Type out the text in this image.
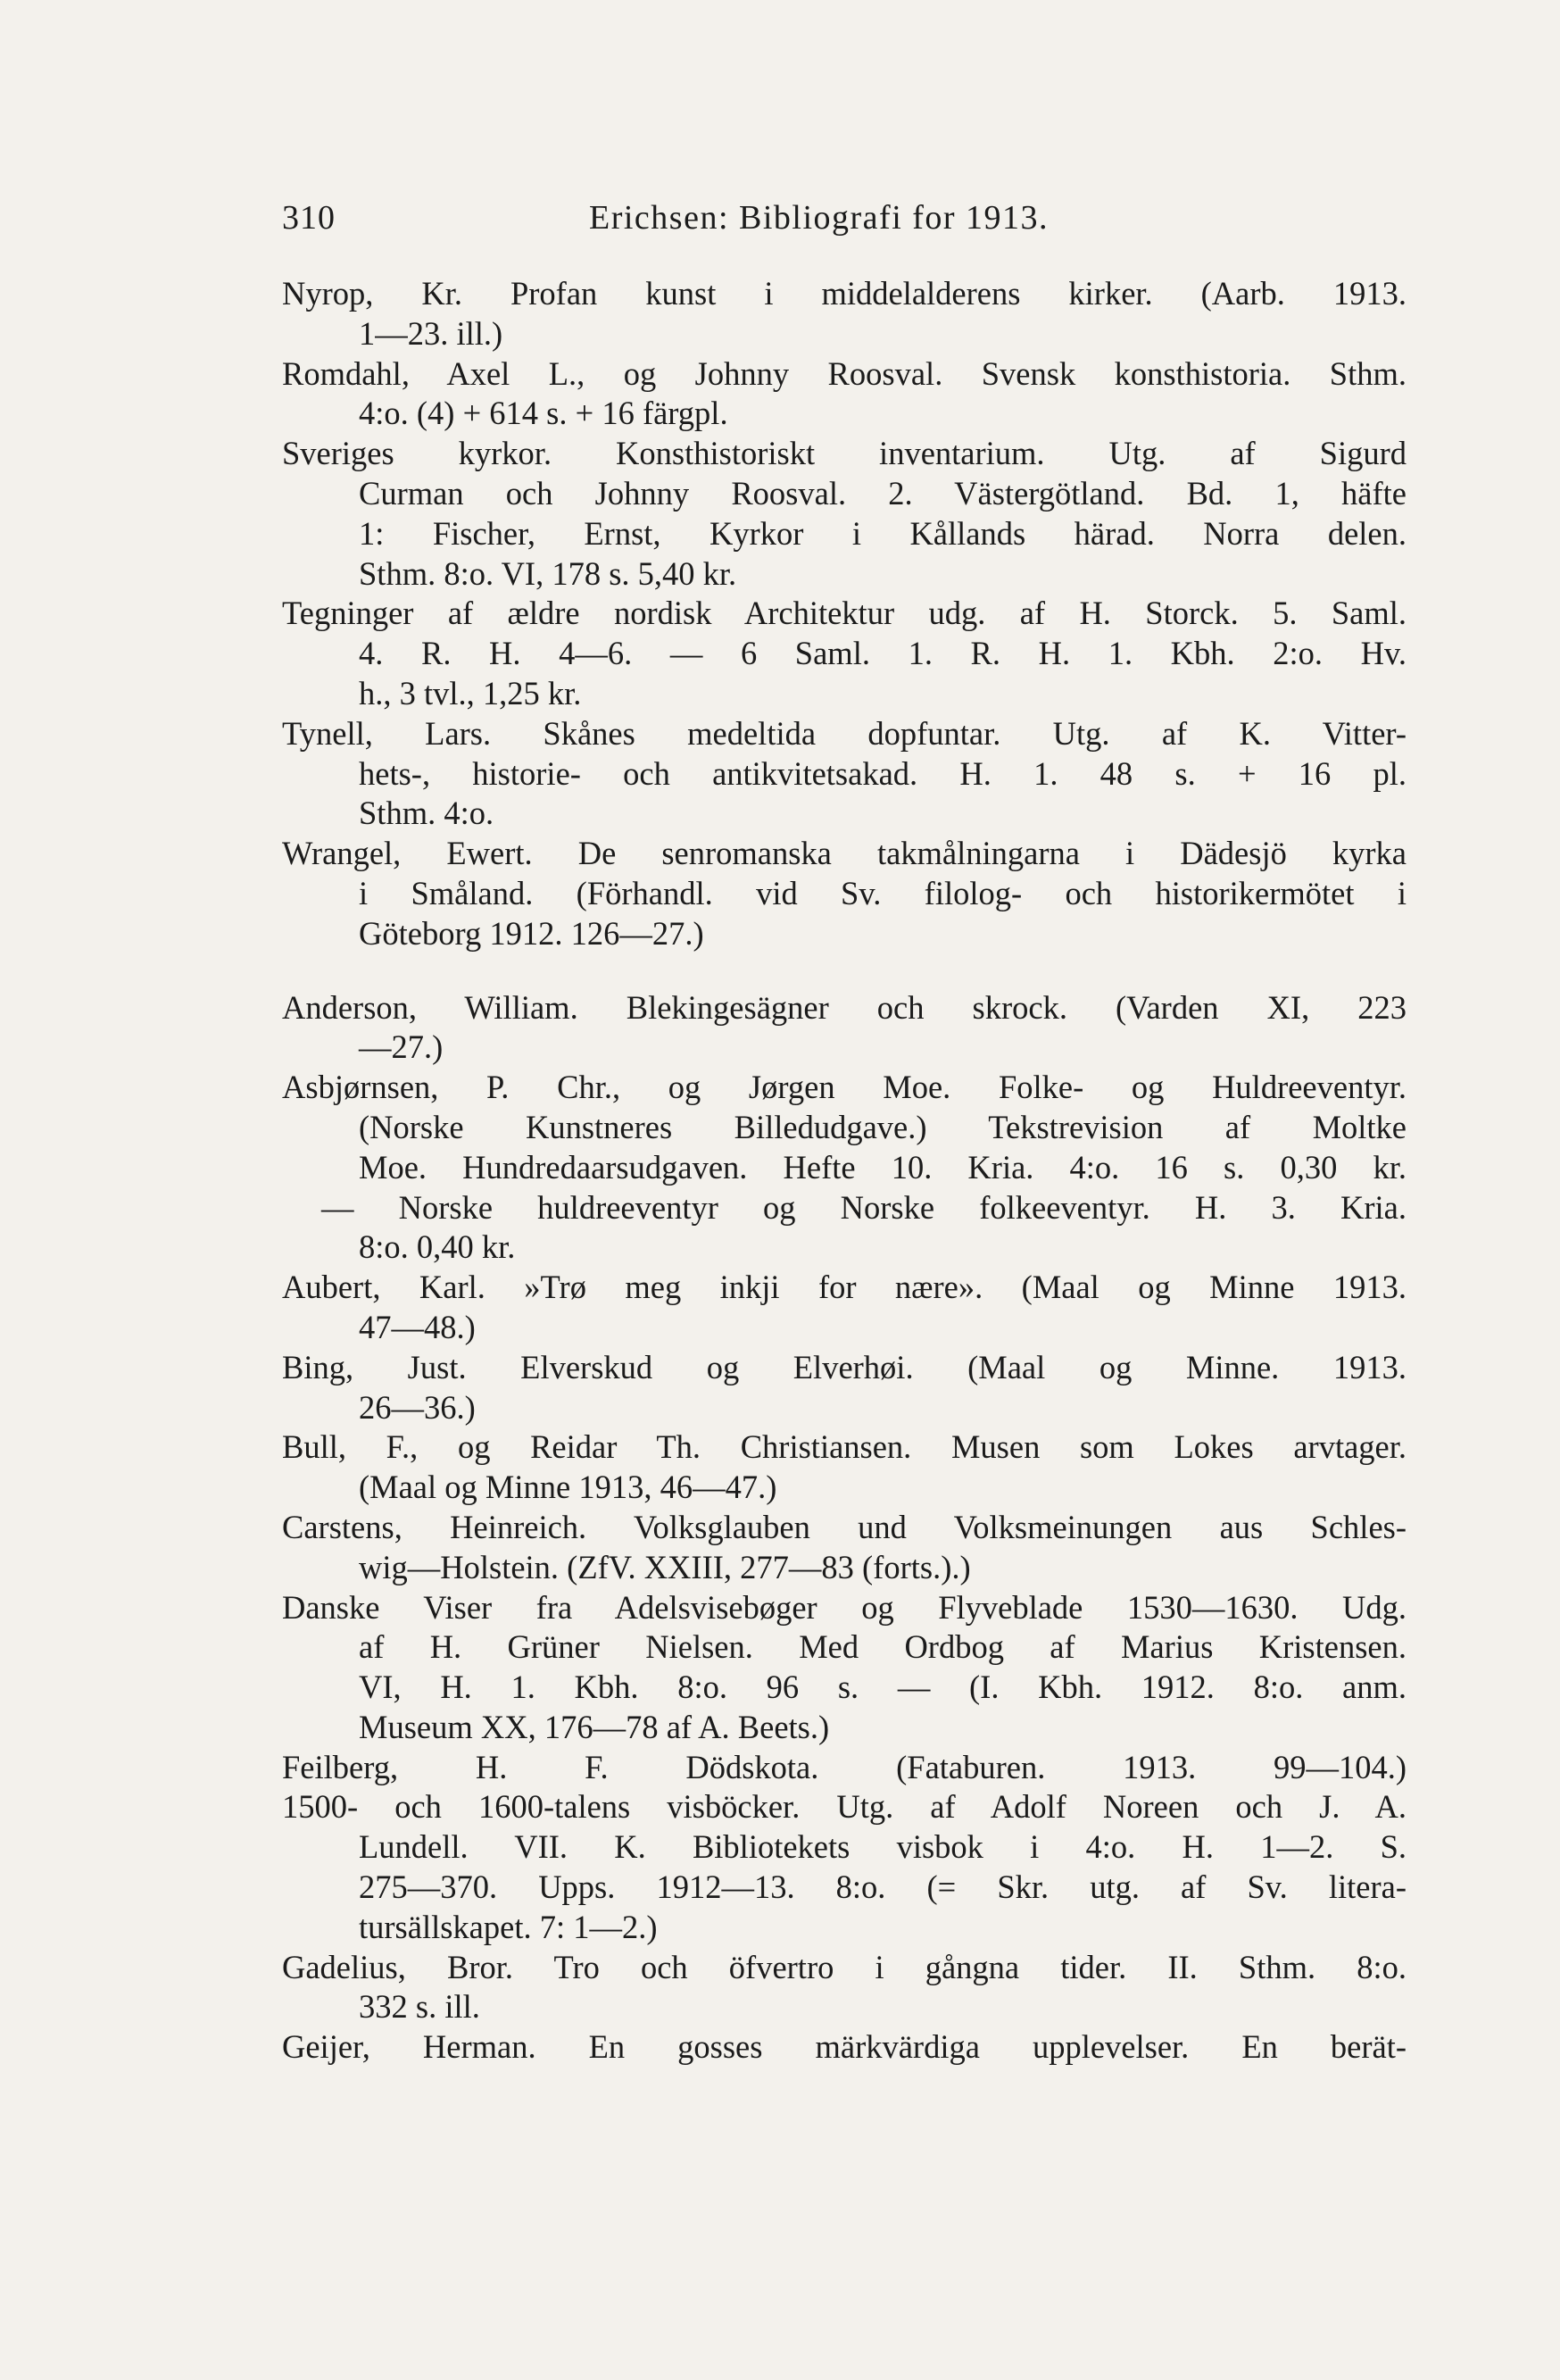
310	Erichsen: Bibliografi for 1913.
Nyrop, Kr. Profan kunst i middelalderens kirker. (Aarb. 1913.
1—23. ill.)
Romdahl, Axel L., og Johnny Roosval. Svensk konsthistoria. Sthm.
4:o. (4) + 614 s. + 16 färgpl.
Sveriges kyrkor. Konsthistoriskt inventarium. Utg. af Sigurd
Curman och Johnny Roosval. 2. Västergötland. Bd. 1, häfte
1: Fischer, Ernst, Kyrkor i Kållands härad. Norra delen.
Sthm. 8:o. VI, 178 s. 5,40 kr.
Tegninger af ældre nordisk Architektur udg. af H. Storck. 5. Saml.
4. R. H. 4—6. — 6 Saml. 1. R. H. 1. Kbh. 2:o. Hv.
h., 3 tvl., 1,25 kr.
Tynell, Lars. Skånes medeltida dopfuntar. Utg. af K. Vitter-
hets-, historie- och antikvitetsakad. H. 1. 48 s. + 16 pl.
Sthm. 4:o.
Wrangel, Ewert. De senromanska takmålningarna i Dädesjö kyrka
i Småland. (Förhandl. vid Sv. filolog- och historikermötet i
Göteborg 1912. 126—27.)
Anderson, William. Blekingesägner och skrock. (Varden XI, 223
—27.)
Asbjørnsen, P. Chr., og Jørgen Moe. Folke- og Huldreeventyr.
(Norske Kunstneres Billedudgave.) Tekstrevision af Moltke
Moe. Hundredaarsudgaven. Hefte 10. Kria. 4:o. 16 s. 0,30 kr.
— Norske huldreeventyr og Norske folkeeventyr. H. 3. Kria.
8:o. 0,40 kr.
Aubert, Karl. »Trø meg inkji for nære». (Maal og Minne 1913.
47—48.)
Bing, Just. Elverskud og Elverhøi. (Maal og Minne. 1913.
26—36.)
Bull, F., og Reidar Th. Christiansen. Musen som Lokes arvtager.
(Maal og Minne 1913, 46—47.)
Carstens, Heinreich. Volksglauben und Volksmeinungen aus Schles-
wig—Holstein. (ZfV. XXIII, 277—83 (forts.).)
Danske Viser fra Adelsvisebøger og Flyveblade 1530—1630. Udg.
af H. Grüner Nielsen. Med Ordbog af Marius Kristensen.
VI, H. 1. Kbh. 8:o. 96 s. — (I. Kbh. 1912. 8:o. anm.
Museum XX, 176—78 af A. Beets.)
Feilberg, H. F. Dödskota. (Fataburen. 1913. 99—104.)
1500- och 1600-talens visböcker. Utg. af Adolf Noreen och J. A.
Lundell. VII. K. Bibliotekets visbok i 4:o. H. 1—2. S.
275—370. Upps. 1912—13. 8:o. (= Skr. utg. af Sv. litera-
tursällskapet. 7: 1—2.)
Gadelius, Bror. Tro och öfvertro i gångna tider. II. Sthm. 8:o.
332 s. ill.
Geijer, Herman. En gosses märkvärdiga upplevelser. En berät-
